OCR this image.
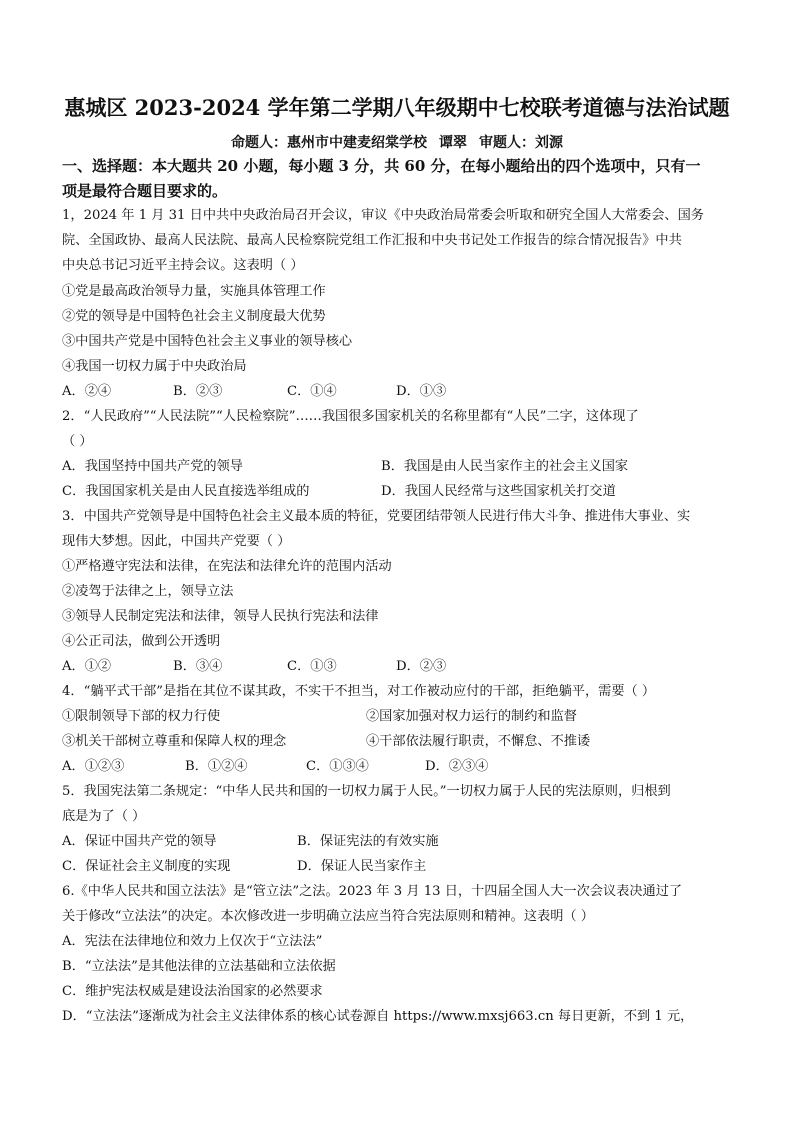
惠城区 2023-2024 学年第二学期八年级期中七校联考道德与法治试题
命题人：惠州市中建麦绍棠学校 谭翠 审题人：刘源
一、选择题：本大题共 20 小题，每小题 3 分，共 60 分，在每小题给出的四个选项中，只有一
项是最符合题目要求的。
1，2024 年 1 月 31 日中共中央政治局召开会议，审议《中央政治局常委会听取和研究全国人大常委会、国务
院、全国政协、最高人民法院、最高人民检察院党组工作汇报和中央书记处工作报告的综合情况报告》中共
中央总书记习近平主持会议。这表明（ ）
①党是最高政治领导力量，实施具体管理工作
②党的领导是中国特色社会主义制度最大优势
③中国共产党是中国特色社会主义事业的领导核心
④我国一切权力属于中央政治局
A．②④	B．②③	C．①④	D．①③
2．“人民政府”“人民法院”“人民检察院”……我国很多国家机关的名称里都有“人民”二字，这体现了
（ ）
A．我国坚持中国共产党的领导	B．我国是由人民当家作主的社会主义国家
C．我国国家机关是由人民直接选举组成的	D．我国人民经常与这些国家机关打交道
3．中国共产党领导是中国特色社会主义最本质的特征，党要团结带领人民进行伟大斗争、推进伟大事业、实
现伟大梦想。因此，中国共产党要（ ）
①严格遵守宪法和法律，在宪法和法律允许的范围内活动
②凌驾于法律之上，领导立法
③领导人民制定宪法和法律，领导人民执行宪法和法律
④公正司法，做到公开透明
A．①②	B．③④	C．①③	D．②③
4．“躺平式干部”是指在其位不谋其政，不实干不担当，对工作被动应付的干部，拒绝躺平，需要（ ）
①限制领导下部的权力行使	②国家加强对权力运行的制约和监督
③机关干部树立尊重和保障人权的理念	④干部依法履行职责，不懈怠、不推诿
A．①②③	B．①②④	C．①③④	D．②③④
5．我国宪法第二条规定：“中华人民共和国的一切权力属于人民。”一切权力属于人民的宪法原则，归根到
底是为了（ ）
A．保证中国共产党的领导	B．保证宪法的有效实施
C．保证社会主义制度的实现	D．保证人民当家作主
6.《中华人民共和国立法法》是“管立法”之法。2023 年 3 月 13 日，十四届全国人大一次会议表决通过了
关于修改“立法法”的决定。本次修改进一步明确立法应当符合宪法原则和精神。这表明（ ）
A．宪法在法律地位和效力上仅次于“立法法”
B．“立法法”是其他法律的立法基础和立法依据
C．维护宪法权威是建设法治国家的必然要求
D．“立法法”逐渐成为社会主义法律体系的核心试卷源自 https://www.mxsj663.cn 每日更新，不到 1 元，
